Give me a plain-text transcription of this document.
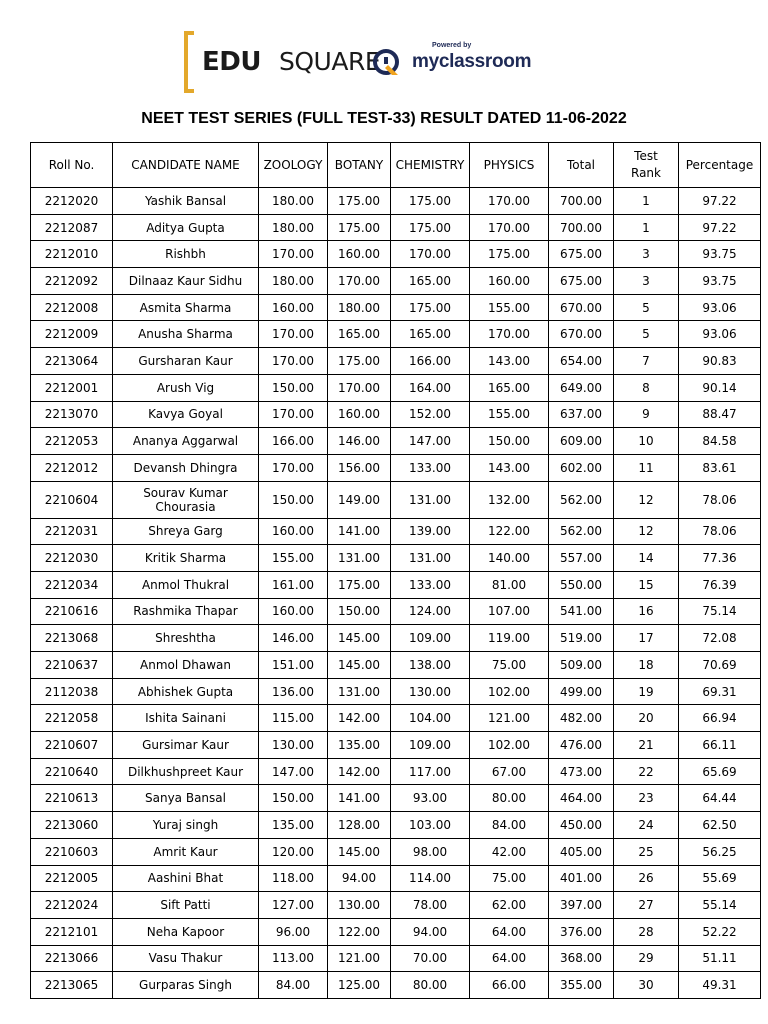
EDU SQUARE
Powered by
myclassroom
NEET TEST SERIES (FULL TEST-33) RESULT DATED 11-06-2022
Roll No.	CANDIDATE NAME	ZOOLOGY	BOTANY	CHEMISTRY	PHYSICS	Total	Test Rank	Percentage
2212020	Yashik Bansal	180.00	175.00	175.00	170.00	700.00	1	97.22
2212087	Aditya Gupta	180.00	175.00	175.00	170.00	700.00	1	97.22
2212010	Rishbh	170.00	160.00	170.00	175.00	675.00	3	93.75
2212092	Dilnaaz Kaur Sidhu	180.00	170.00	165.00	160.00	675.00	3	93.75
2212008	Asmita Sharma	160.00	180.00	175.00	155.00	670.00	5	93.06
2212009	Anusha Sharma	170.00	165.00	165.00	170.00	670.00	5	93.06
2213064	Gursharan Kaur	170.00	175.00	166.00	143.00	654.00	7	90.83
2212001	Arush Vig	150.00	170.00	164.00	165.00	649.00	8	90.14
2213070	Kavya Goyal	170.00	160.00	152.00	155.00	637.00	9	88.47
2212053	Ananya Aggarwal	166.00	146.00	147.00	150.00	609.00	10	84.58
2212012	Devansh Dhingra	170.00	156.00	133.00	143.00	602.00	11	83.61
2210604	Sourav Kumar Chourasia	150.00	149.00	131.00	132.00	562.00	12	78.06
2212031	Shreya Garg	160.00	141.00	139.00	122.00	562.00	12	78.06
2212030	Kritik Sharma	155.00	131.00	131.00	140.00	557.00	14	77.36
2212034	Anmol Thukral	161.00	175.00	133.00	81.00	550.00	15	76.39
2210616	Rashmika Thapar	160.00	150.00	124.00	107.00	541.00	16	75.14
2213068	Shreshtha	146.00	145.00	109.00	119.00	519.00	17	72.08
2210637	Anmol Dhawan	151.00	145.00	138.00	75.00	509.00	18	70.69
2112038	Abhishek Gupta	136.00	131.00	130.00	102.00	499.00	19	69.31
2212058	Ishita Sainani	115.00	142.00	104.00	121.00	482.00	20	66.94
2210607	Gursimar Kaur	130.00	135.00	109.00	102.00	476.00	21	66.11
2210640	Dilkhushpreet Kaur	147.00	142.00	117.00	67.00	473.00	22	65.69
2210613	Sanya Bansal	150.00	141.00	93.00	80.00	464.00	23	64.44
2213060	Yuraj singh	135.00	128.00	103.00	84.00	450.00	24	62.50
2210603	Amrit Kaur	120.00	145.00	98.00	42.00	405.00	25	56.25
2212005	Aashini Bhat	118.00	94.00	114.00	75.00	401.00	26	55.69
2212024	Sift Patti	127.00	130.00	78.00	62.00	397.00	27	55.14
2212101	Neha Kapoor	96.00	122.00	94.00	64.00	376.00	28	52.22
2213066	Vasu Thakur	113.00	121.00	70.00	64.00	368.00	29	51.11
2213065	Gurparas Singh	84.00	125.00	80.00	66.00	355.00	30	49.31
